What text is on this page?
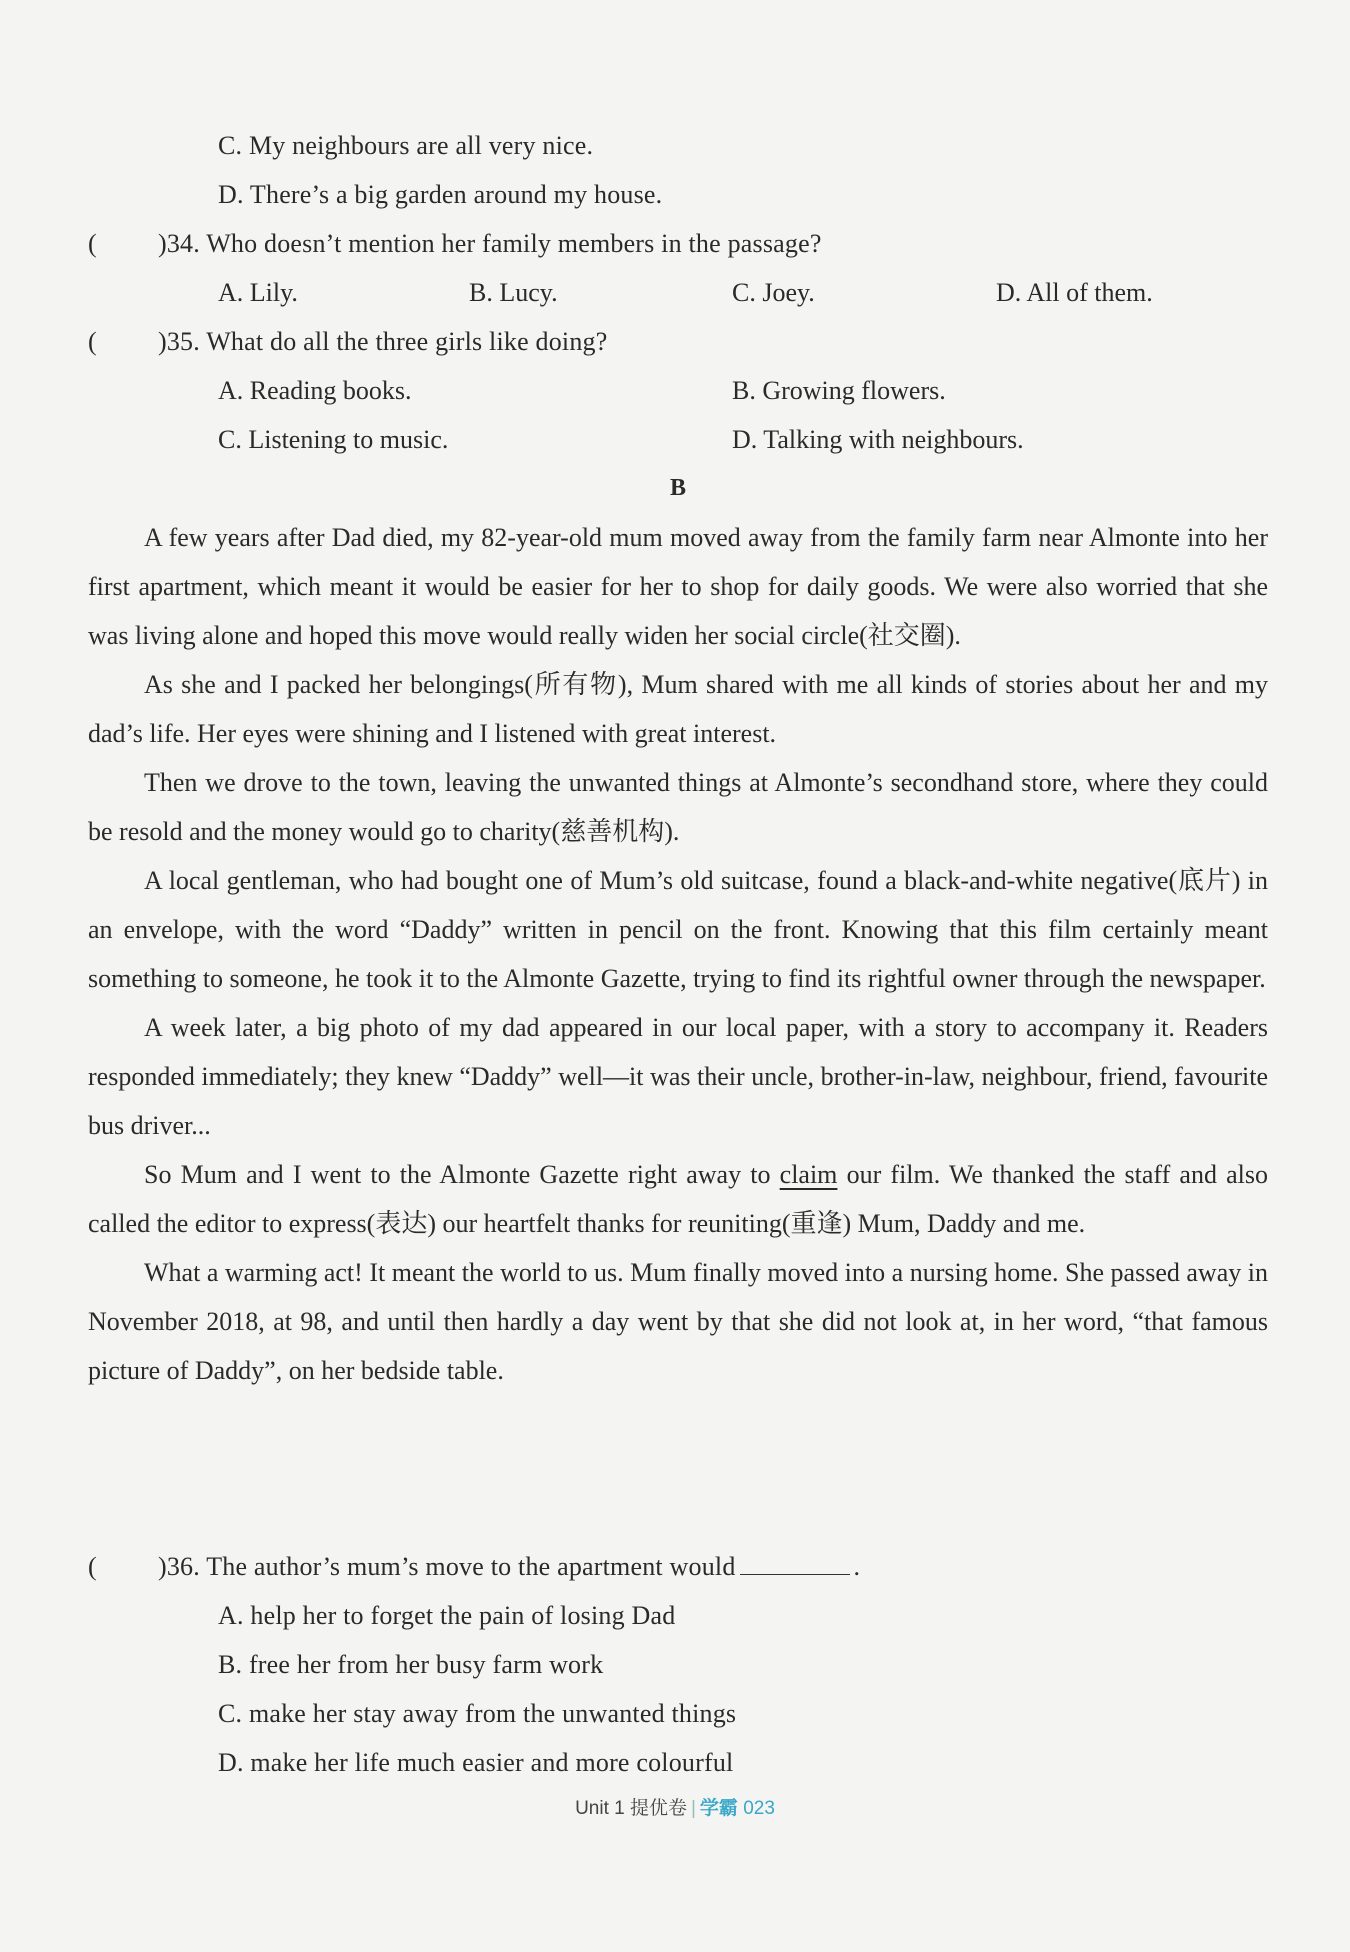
C. My neighbours are all very nice.
D. There’s a big garden around my house.
( )34. Who doesn’t mention her family members in the passage?
A. Lily.	B. Lucy.	C. Joey.	D. All of them.
( )35. What do all the three girls like doing?
A. Reading books.	B. Growing flowers.
C. Listening to music.	D. Talking with neighbours.
B

A few years after Dad died, my 82-year-old mum moved away from the family farm near Almonte into her first apartment, which meant it would be easier for her to shop for daily goods. We were also worried that she was living alone and hoped this move would really widen her social circle(社交圈).

As she and I packed her belongings(所有物), Mum shared with me all kinds of stories about her and my dad’s life. Her eyes were shining and I listened with great interest.

Then we drove to the town, leaving the unwanted things at Almonte’s secondhand store, where they could be resold and the money would go to charity(慈善机构).

A local gentleman, who had bought one of Mum’s old suitcase, found a black-and-white negative(底片) in an envelope, with the word “Daddy” written in pencil on the front. Knowing that this film certainly meant something to someone, he took it to the Almonte Gazette, trying to find its rightful owner through the newspaper.

A week later, a big photo of my dad appeared in our local paper, with a story to accompany it. Readers responded immediately; they knew “Daddy” well—it was their uncle, brother-in-law, neighbour, friend, favourite bus driver...

So Mum and I went to the Almonte Gazette right away to claim our film. We thanked the staff and also called the editor to express(表达) our heartfelt thanks for reuniting(重逢) Mum, Daddy and me.

What a warming act! It meant the world to us. Mum finally moved into a nursing home. She passed away in November 2018, at 98, and until then hardly a day went by that she did not look at, in her word, “that famous picture of Daddy”, on her bedside table.

( )36. The author’s mum’s move to the apartment would	.
A. help her to forget the pain of losing Dad
B. free her from her busy farm work
C. make her stay away from the unwanted things
D. make her life much easier and more colourful
Unit 1 提优卷 | 学霸 023
